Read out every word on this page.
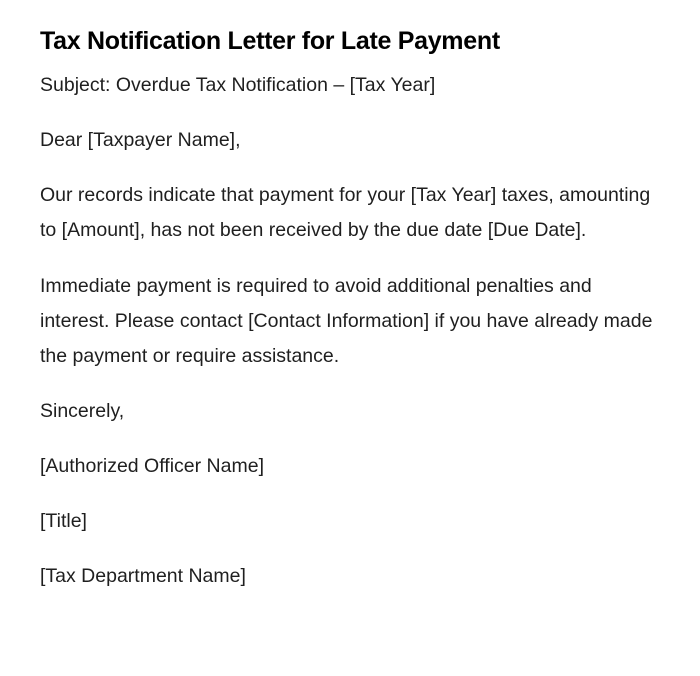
Tax Notification Letter for Late Payment

Subject: Overdue Tax Notification – [Tax Year]

Dear [Taxpayer Name],

Our records indicate that payment for your [Tax Year] taxes, amounting to [Amount], has not been received by the due date [Due Date].

Immediate payment is required to avoid additional penalties and interest. Please contact [Contact Information] if you have already made the payment or require assistance.

Sincerely,

[Authorized Officer Name]

[Title]

[Tax Department Name]
